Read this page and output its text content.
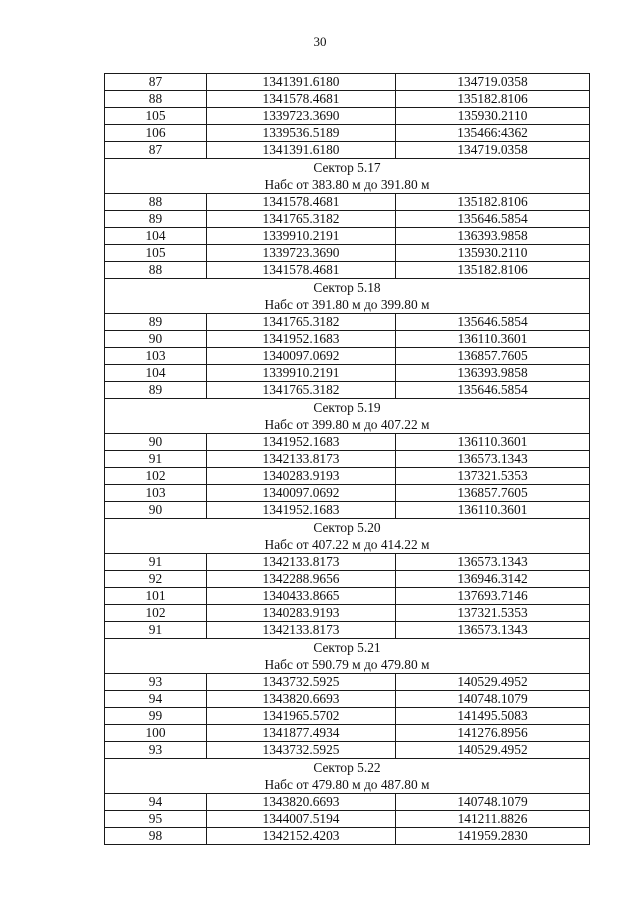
30
87	1341391.6180	134719.0358
88	1341578.4681	135182.8106
105	1339723.3690	135930.2110
106	1339536.5189	135466:4362
87	1341391.6180	134719.0358

Сектор 5.17
Набс от 383.80 м до 391.80 м		

88	1341578.4681	135182.8106
89	1341765.3182	135646.5854
104	1339910.2191	136393.9858
105	1339723.3690	135930.2110
88	1341578.4681	135182.8106

Сектор 5.18
Набс от 391.80 м до 399.80 м		

89	1341765.3182	135646.5854
90	1341952.1683	136110.3601
103	1340097.0692	136857.7605
104	1339910.2191	136393.9858
89	1341765.3182	135646.5854

Сектор 5.19
Набс от 399.80 м до 407.22 м		

90	1341952.1683	136110.3601
91	1342133.8173	136573.1343
102	1340283.9193	137321.5353
103	1340097.0692	136857.7605
90	1341952.1683	136110.3601

Сектор 5.20
Набс от 407.22 м до 414.22 м		

91	1342133.8173	136573.1343
92	1342288.9656	136946.3142
101	1340433.8665	137693.7146
102	1340283.9193	137321.5353
91	1342133.8173	136573.1343

Сектор 5.21
Набс от 590.79 м до 479.80 м		

93	1343732.5925	140529.4952
94	1343820.6693	140748.1079
99	1341965.5702	141495.5083
100	1341877.4934	141276.8956
93	1343732.5925	140529.4952

Сектор 5.22
Набс от 479.80 м до 487.80 м		

94	1343820.6693	140748.1079
95	1344007.5194	141211.8826
98	1342152.4203	141959.2830
